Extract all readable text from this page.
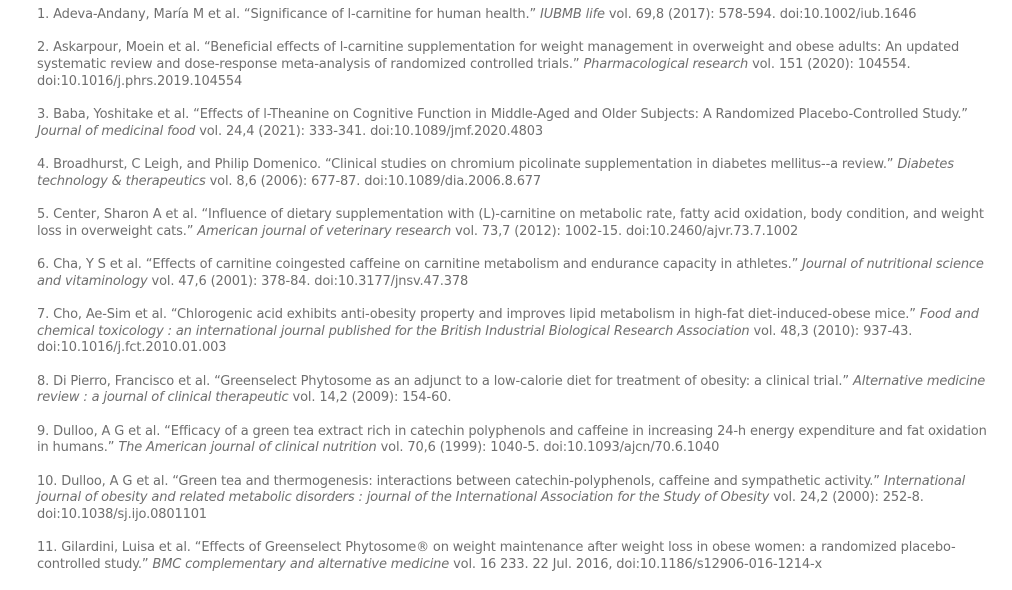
1. Adeva-Andany, María M et al. “Significance of l-carnitine for human health.” IUBMB life vol. 69,8 (2017): 578-594. doi:10.1002/iub.1646
2. Askarpour, Moein et al. “Beneficial effects of l-carnitine supplementation for weight management in overweight and obese adults: An updated systematic review and dose-response meta-analysis of randomized controlled trials.” Pharmacological research vol. 151 (2020): 104554. doi:10.1016/j.phrs.2019.104554
3. Baba, Yoshitake et al. “Effects of l-Theanine on Cognitive Function in Middle-Aged and Older Subjects: A Randomized Placebo-Controlled Study.” Journal of medicinal food vol. 24,4 (2021): 333-341. doi:10.1089/jmf.2020.4803
4. Broadhurst, C Leigh, and Philip Domenico. “Clinical studies on chromium picolinate supplementation in diabetes mellitus--a review.” Diabetes technology & therapeutics vol. 8,6 (2006): 677-87. doi:10.1089/dia.2006.8.677
5. Center, Sharon A et al. “Influence of dietary supplementation with (L)-carnitine on metabolic rate, fatty acid oxidation, body condition, and weight loss in overweight cats.” American journal of veterinary research vol. 73,7 (2012): 1002-15. doi:10.2460/ajvr.73.7.1002
6. Cha, Y S et al. “Effects of carnitine coingested caffeine on carnitine metabolism and endurance capacity in athletes.” Journal of nutritional science and vitaminology vol. 47,6 (2001): 378-84. doi:10.3177/jnsv.47.378
7. Cho, Ae-Sim et al. “Chlorogenic acid exhibits anti-obesity property and improves lipid metabolism in high-fat diet-induced-obese mice.” Food and chemical toxicology : an international journal published for the British Industrial Biological Research Association vol. 48,3 (2010): 937-43. doi:10.1016/j.fct.2010.01.003
8. Di Pierro, Francisco et al. “Greenselect Phytosome as an adjunct to a low-calorie diet for treatment of obesity: a clinical trial.” Alternative medicine review : a journal of clinical therapeutic vol. 14,2 (2009): 154-60.
9. Dulloo, A G et al. “Efficacy of a green tea extract rich in catechin polyphenols and caffeine in increasing 24-h energy expenditure and fat oxidation in humans.” The American journal of clinical nutrition vol. 70,6 (1999): 1040-5. doi:10.1093/ajcn/70.6.1040
10. Dulloo, A G et al. “Green tea and thermogenesis: interactions between catechin-polyphenols, caffeine and sympathetic activity.” International journal of obesity and related metabolic disorders : journal of the International Association for the Study of Obesity vol. 24,2 (2000): 252-8. doi:10.1038/sj.ijo.0801101
11. Gilardini, Luisa et al. “Effects of Greenselect Phytosome® on weight maintenance after weight loss in obese women: a randomized placebo-controlled study.” BMC complementary and alternative medicine vol. 16 233. 22 Jul. 2016, doi:10.1186/s12906-016-1214-x
